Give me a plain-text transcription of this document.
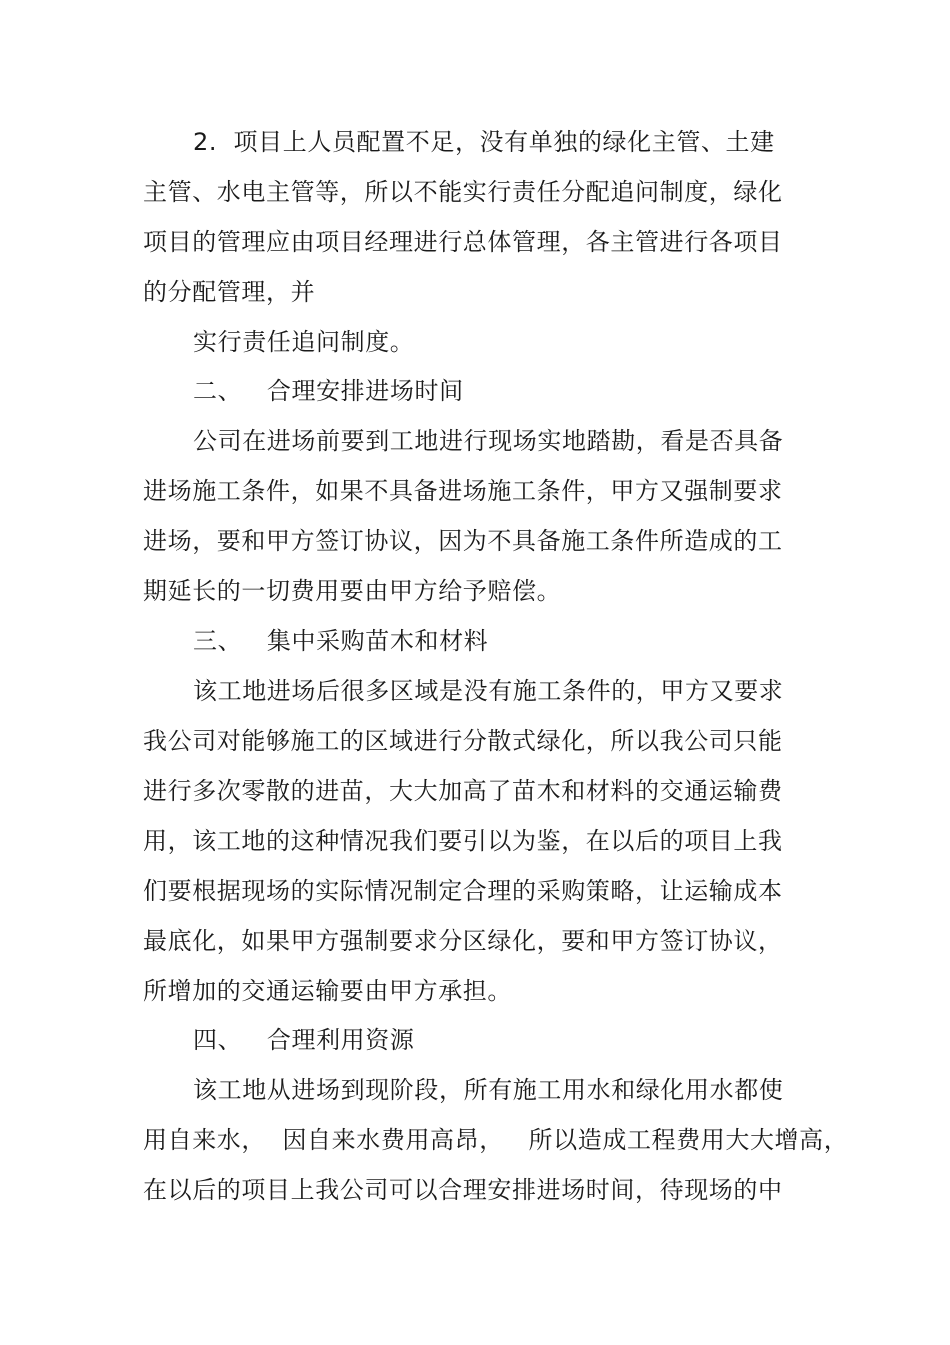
2.  项目上人员配置不足，没有单独的绿化主管、土建
主管、水电主管等，所以不能实行责任分配追问制度，绿化
项目的管理应由项目经理进行总体管理，各主管进行各项目
的分配管理，并
实行责任追问制度。
二、   合理安排进场时间
公司在进场前要到工地进行现场实地踏勘，看是否具备
进场施工条件，如果不具备进场施工条件，甲方又强制要求
进场，要和甲方签订协议，因为不具备施工条件所造成的工
期延长的一切费用要由甲方给予赔偿。
三、   集中采购苗木和材料
该工地进场后很多区域是没有施工条件的，甲方又要求
我公司对能够施工的区域进行分散式绿化，所以我公司只能
进行多次零散的进苗，大大加高了苗木和材料的交通运输费
用，该工地的这种情况我们要引以为鉴，在以后的项目上我
们要根据现场的实际情况制定合理的采购策略，让运输成本
最底化，如果甲方强制要求分区绿化，要和甲方签订协议，
所增加的交通运输要由甲方承担。
四、   合理利用资源
该工地从进场到现阶段，所有施工用水和绿化用水都使
用自来水，  因自来水费用高昂，   所以造成工程费用大大增高，
在以后的项目上我公司可以合理安排进场时间，待现场的中
